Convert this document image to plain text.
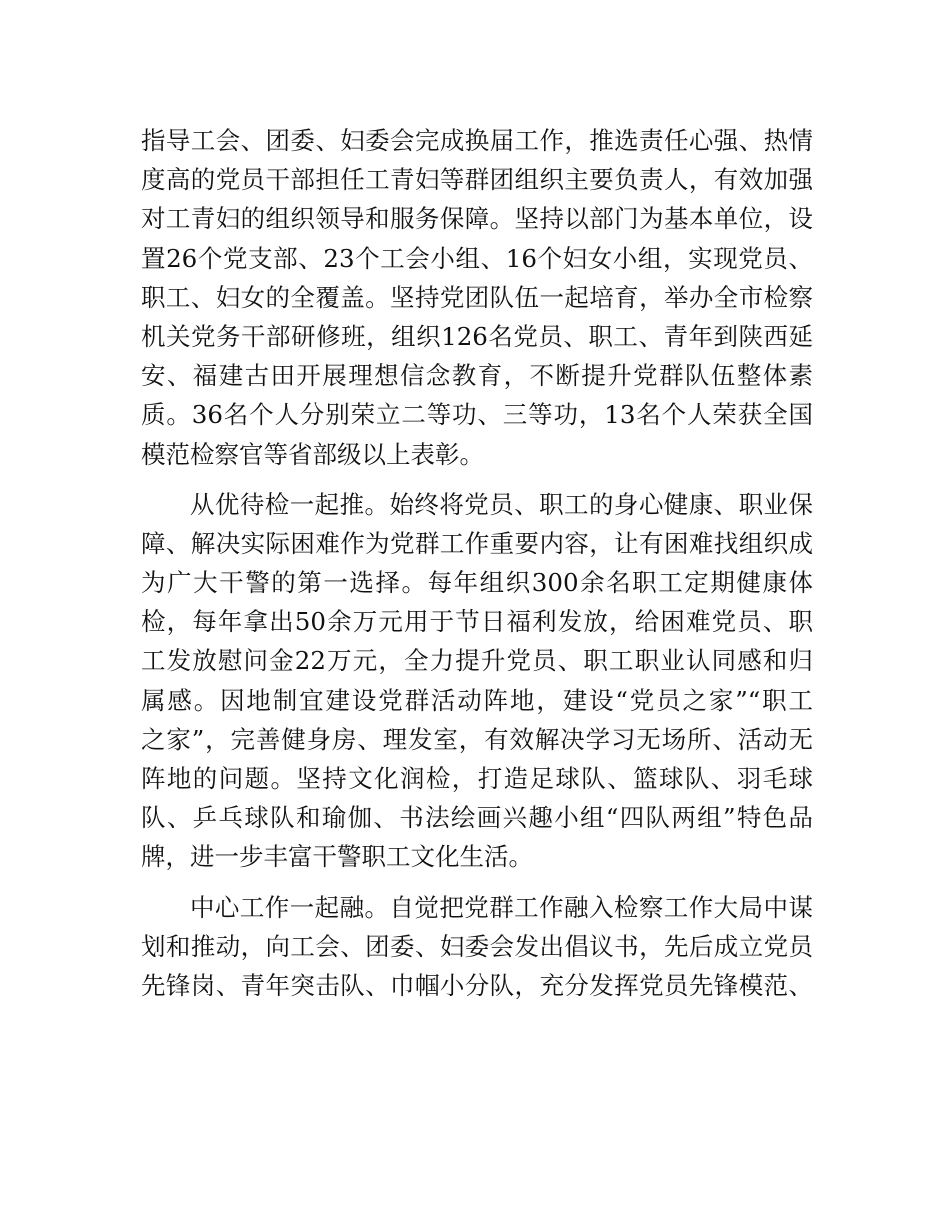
指导工会、团委、妇委会完成换届工作，推选责任心强、热情
度高的党员干部担任工青妇等群团组织主要负责人，有效加强
对工青妇的组织领导和服务保障。坚持以部门为基本单位，设
置26个党支部、23个工会小组、16个妇女小组，实现党员、
职工、妇女的全覆盖。坚持党团队伍一起培育，举办全市检察
机关党务干部研修班，组织126名党员、职工、青年到陕西延
安、福建古田开展理想信念教育，不断提升党群队伍整体素
质。36名个人分别荣立二等功、三等功，13名个人荣获全国
模范检察官等省部级以上表彰。
从优待检一起推。始终将党员、职工的身心健康、职业保
障、解决实际困难作为党群工作重要内容，让有困难找组织成
为广大干警的第一选择。每年组织300余名职工定期健康体
检，每年拿出50余万元用于节日福利发放，给困难党员、职
工发放慰问金22万元，全力提升党员、职工职业认同感和归
属感。因地制宜建设党群活动阵地，建设“党员之家”“职工
之家”，完善健身房、理发室，有效解决学习无场所、活动无
阵地的问题。坚持文化润检，打造足球队、篮球队、羽毛球
队、乒乓球队和瑜伽、书法绘画兴趣小组“四队两组”特色品
牌，进一步丰富干警职工文化生活。
中心工作一起融。自觉把党群工作融入检察工作大局中谋
划和推动，向工会、团委、妇委会发出倡议书，先后成立党员
先锋岗、青年突击队、巾帼小分队，充分发挥党员先锋模范、
